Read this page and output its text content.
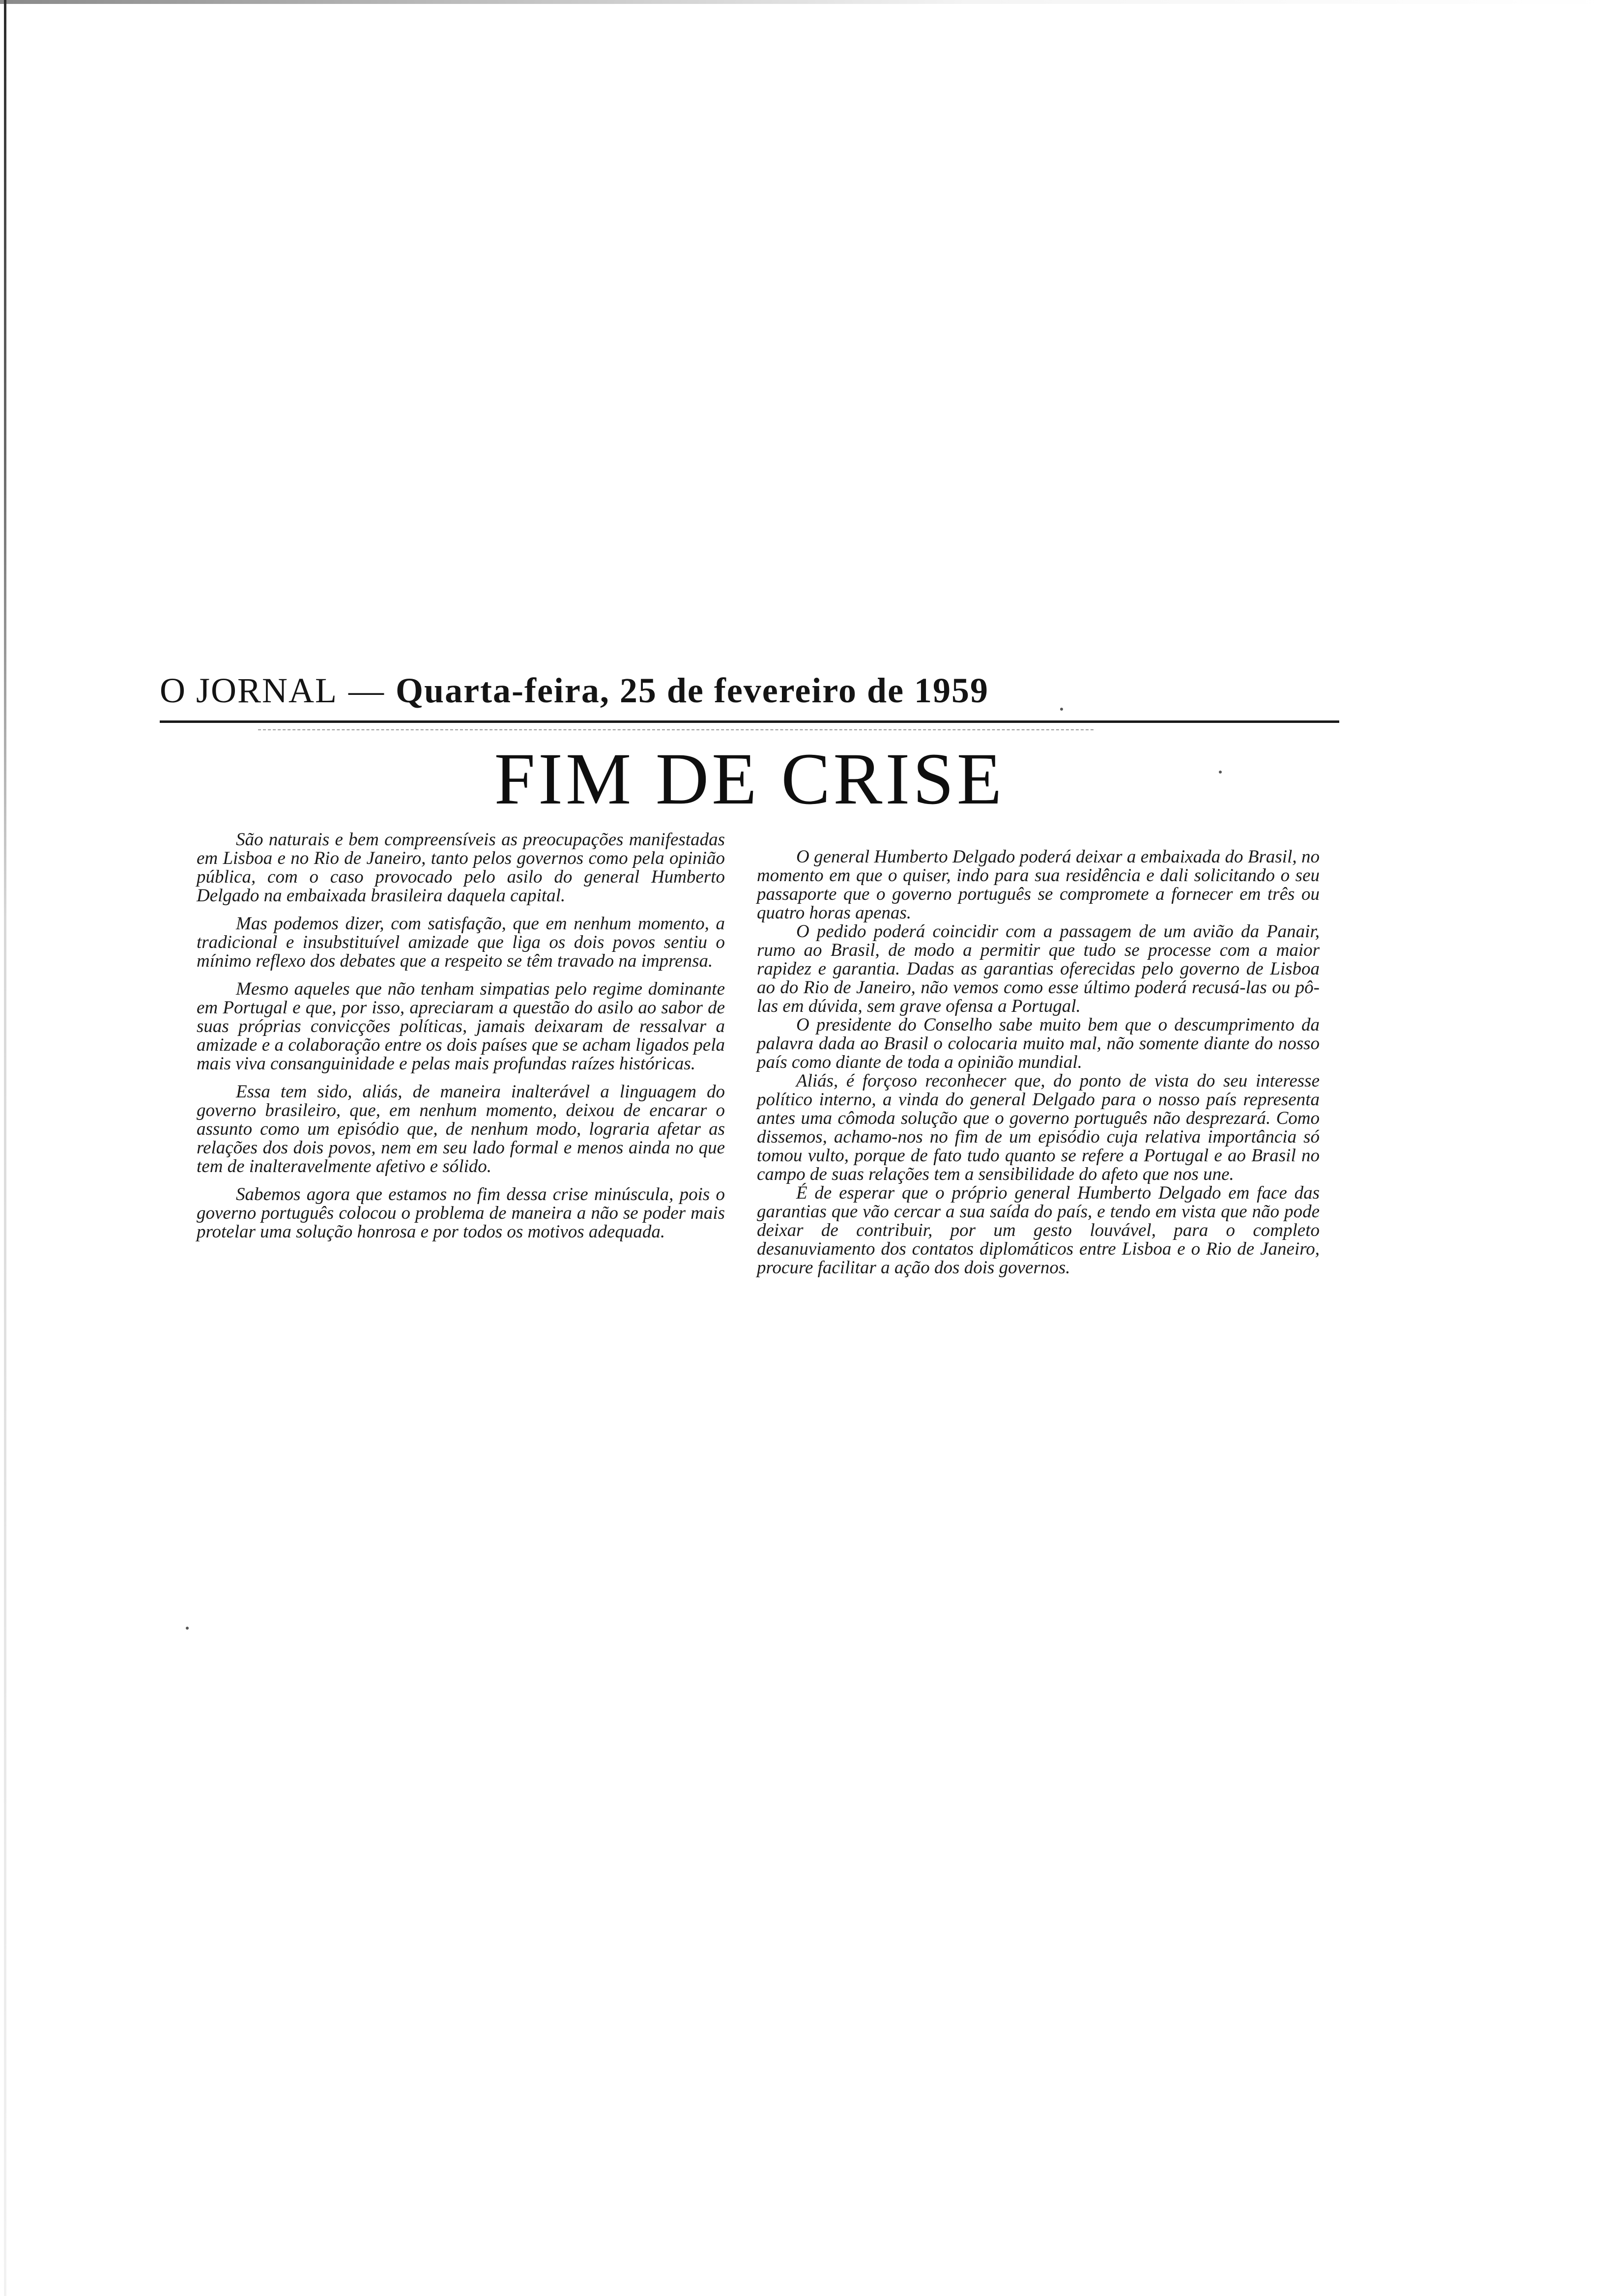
O JORNAL — Quarta-feira, 25 de fevereiro de 1959
FIM DE CRISE

São naturais e bem compreensíveis as preocupações manifestadas em Lisboa e no Rio de Janeiro, tanto pelos governos como pela opinião pública, com o caso provocado pelo asilo do general Humberto Delgado na embaixada brasileira daquela capital.

Mas podemos dizer, com satisfação, que em nenhum momento, a tradicional e insubstituível amizade que liga os dois povos sentiu o mínimo reflexo dos debates que a respeito se têm travado na imprensa.

Mesmo aqueles que não tenham simpatias pelo regime dominante em Portugal e que, por isso, apreciaram a questão do asilo ao sabor de suas próprias convicções políticas, jamais deixaram de ressalvar a amizade e a colaboração entre os dois países que se acham ligados pela mais viva consanguinidade e pelas mais profundas raízes históricas.

Essa tem sido, aliás, de maneira inalterável a linguagem do governo brasileiro, que, em nenhum momento, deixou de encarar o assunto como um episódio que, de nenhum modo, lograria afetar as relações dos dois povos, nem em seu lado formal e menos ainda no que tem de inalteravelmente afetivo e sólido.

Sabemos agora que estamos no fim dessa crise minúscula, pois o governo português colocou o problema de maneira a não se poder mais protelar uma solução honrosa e por todos os motivos adequada.

O general Humberto Delgado poderá deixar a embaixada do Brasil, no momento em que o quiser, indo para sua residência e dali solicitando o seu passaporte que o governo português se compromete a fornecer em três ou quatro horas apenas.

O pedido poderá coincidir com a passagem de um avião da Panair, rumo ao Brasil, de modo a permitir que tudo se processe com a maior rapidez e garantia. Dadas as garantias oferecidas pelo governo de Lisboa ao do Rio de Janeiro, não vemos como esse último poderá recusá-las ou pô-las em dúvida, sem grave ofensa a Portugal.

O presidente do Conselho sabe muito bem que o descumprimento da palavra dada ao Brasil o colocaria muito mal, não somente diante do nosso país como diante de toda a opinião mundial.

Aliás, é forçoso reconhecer que, do ponto de vista do seu interesse político interno, a vinda do general Delgado para o nosso país representa antes uma cômoda solução que o governo português não desprezará. Como dissemos, achamo-nos no fim de um episódio cuja relativa importância só tomou vulto, porque de fato tudo quanto se refere a Portugal e ao Brasil no campo de suas relações tem a sensibilidade do afeto que nos une.

É de esperar que o próprio general Humberto Delgado em face das garantias que vão cercar a sua saída do país, e tendo em vista que não pode deixar de contribuir, por um gesto louvável, para o completo desanuviamento dos contatos diplomáticos entre Lisboa e o Rio de Janeiro, procure facilitar a ação dos dois governos.
